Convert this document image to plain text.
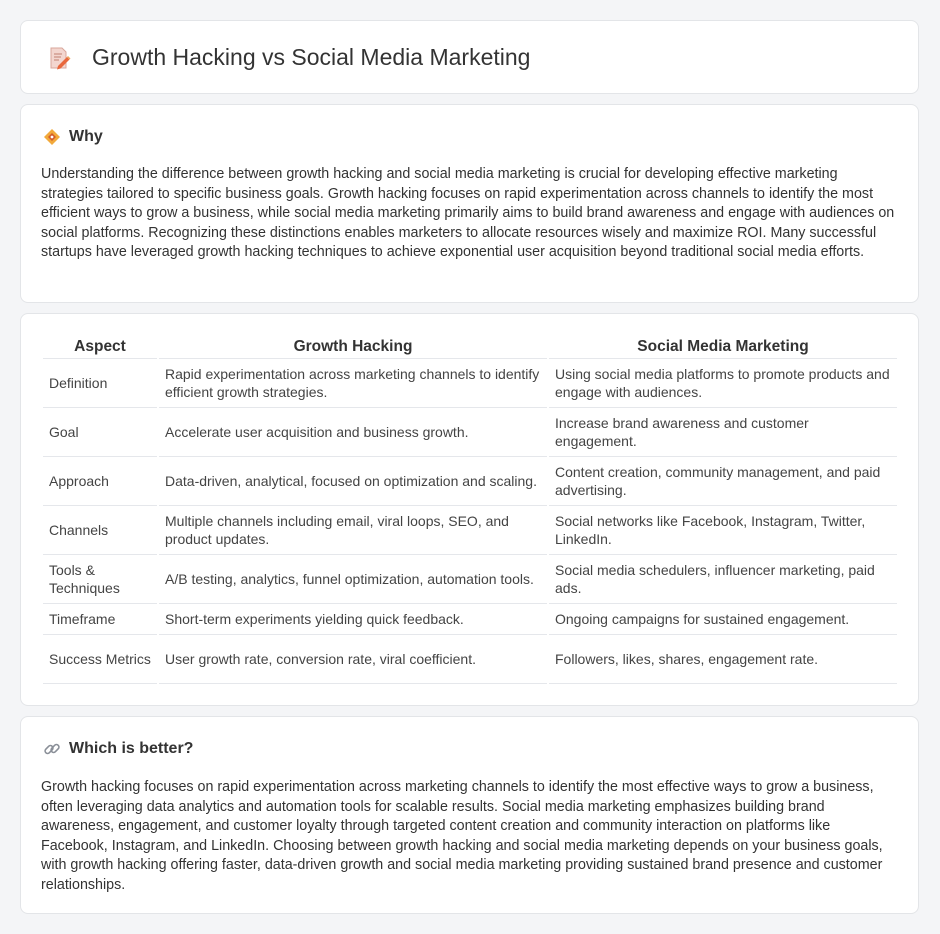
Growth Hacking vs Social Media Marketing
Why

Understanding the difference between growth hacking and social media marketing is crucial for developing effective marketing strategies tailored to specific business goals. Growth hacking focuses on rapid experimentation across channels to identify the most efficient ways to grow a business, while social media marketing primarily aims to build brand awareness and engage with audiences on social platforms. Recognizing these distinctions enables marketers to allocate resources wisely and maximize ROI. Many successful startups have leveraged growth hacking techniques to achieve exponential user acquisition beyond traditional social media efforts.

Aspect	Growth Hacking	Social Media Marketing
Definition	Rapid experimentation across marketing channels to identify efficient growth strategies.	Using social media platforms to promote products and engage with audiences.
Goal	Accelerate user acquisition and business growth.	Increase brand awareness and customer engagement.
Approach	Data-driven, analytical, focused on optimization and scaling.	Content creation, community management, and paid advertising.
Channels	Multiple channels including email, viral loops, SEO, and product updates.	Social networks like Facebook, Instagram, Twitter, LinkedIn.
Tools & Techniques	A/B testing, analytics, funnel optimization, automation tools.	Social media schedulers, influencer marketing, paid ads.
Timeframe	Short-term experiments yielding quick feedback.	Ongoing campaigns for sustained engagement.
Success Metrics	User growth rate, conversion rate, viral coefficient.	Followers, likes, shares, engagement rate.
Which is better?

Growth hacking focuses on rapid experimentation across marketing channels to identify the most effective ways to grow a business, often leveraging data analytics and automation tools for scalable results. Social media marketing emphasizes building brand awareness, engagement, and customer loyalty through targeted content creation and community interaction on platforms like Facebook, Instagram, and LinkedIn. Choosing between growth hacking and social media marketing depends on your business goals, with growth hacking offering faster, data-driven growth and social media marketing providing sustained brand presence and customer relationships.
